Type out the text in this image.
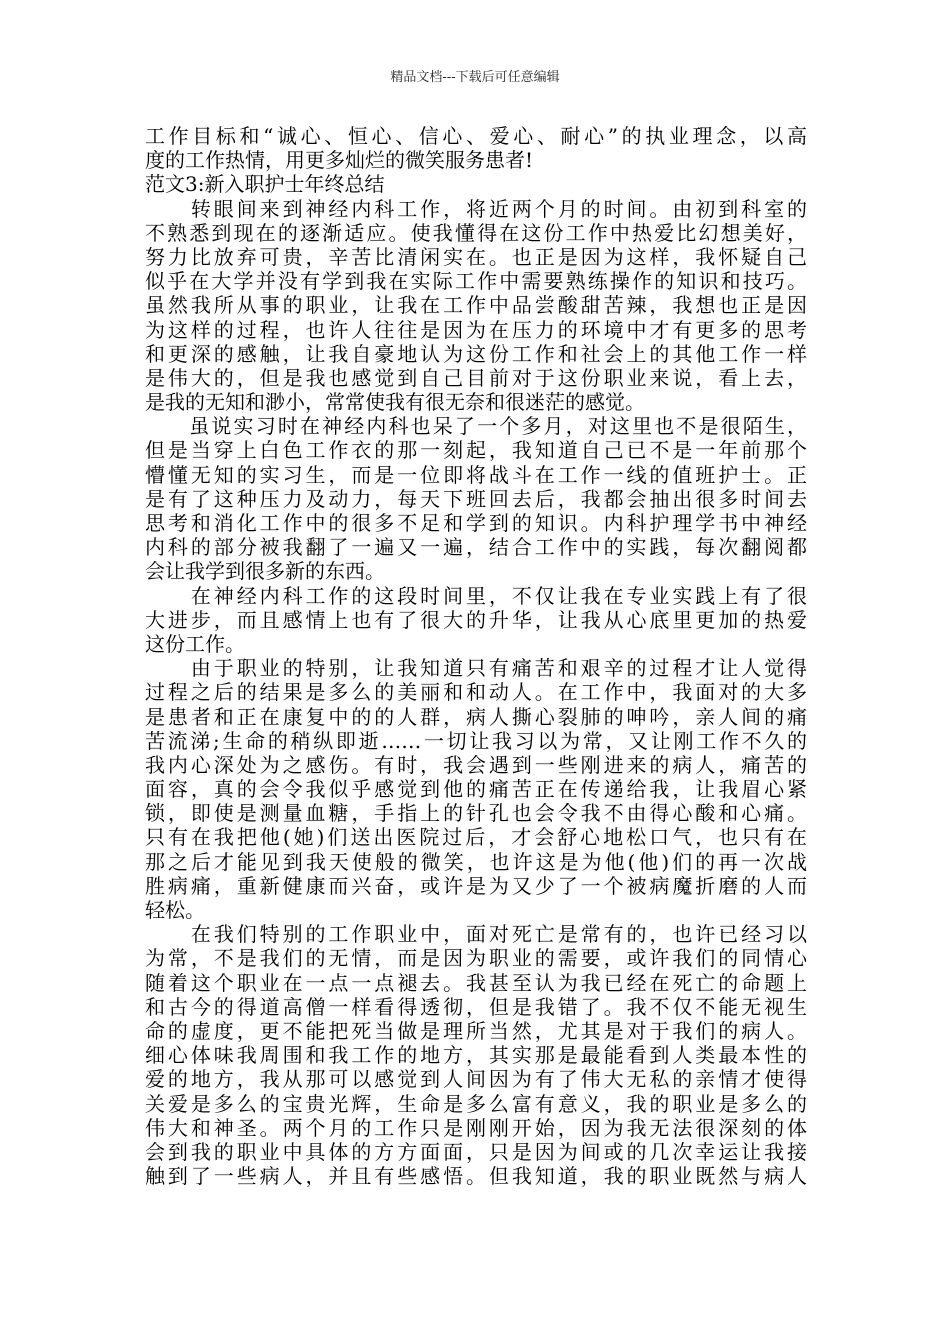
精品文档---下载后可任意编辑
工作目标和“诚心、恒心、信心、爱心、耐心”的执业理念，以高
度的工作热情，用更多灿烂的微笑服务患者!
范文3:新入职护士年终总结
　　转眼间来到神经内科工作，将近两个月的时间。由初到科室的
不熟悉到现在的逐渐适应。使我懂得在这份工作中热爱比幻想美好，
努力比放弃可贵，辛苦比清闲实在。也正是因为这样，我怀疑自己
似乎在大学并没有学到我在实际工作中需要熟练操作的知识和技巧。
虽然我所从事的职业，让我在工作中品尝酸甜苦辣，我想也正是因
为这样的过程，也许人往往是因为在压力的环境中才有更多的思考
和更深的感触，让我自豪地认为这份工作和社会上的其他工作一样
是伟大的，但是我也感觉到自己目前对于这份职业来说，看上去，
是我的无知和渺小，常常使我有很无奈和很迷茫的感觉。
　　虽说实习时在神经内科也呆了一个多月，对这里也不是很陌生，
但是当穿上白色工作衣的那一刻起，我知道自己已不是一年前那个
懵懂无知的实习生，而是一位即将战斗在工作一线的值班护士。正
是有了这种压力及动力，每天下班回去后，我都会抽出很多时间去
思考和消化工作中的很多不足和学到的知识。内科护理学书中神经
内科的部分被我翻了一遍又一遍，结合工作中的实践，每次翻阅都
会让我学到很多新的东西。
　　在神经内科工作的这段时间里，不仅让我在专业实践上有了很
大进步，而且感情上也有了很大的升华，让我从心底里更加的热爱
这份工作。
　　由于职业的特别，让我知道只有痛苦和艰辛的过程才让人觉得
过程之后的结果是多么的美丽和和动人。在工作中，我面对的大多
是患者和正在康复中的的人群，病人撕心裂肺的呻吟，亲人间的痛
苦流涕;生命的稍纵即逝……一切让我习以为常，又让刚工作不久的
我内心深处为之感伤。有时，我会遇到一些刚进来的病人，痛苦的
面容，真的会令我似乎感觉到他的痛苦正在传递给我，让我眉心紧
锁，即使是测量血糖，手指上的针孔也会令我不由得心酸和心痛。
只有在我把他(她)们送出医院过后，才会舒心地松口气，也只有在
那之后才能见到我天使般的微笑，也许这是为他(他)们的再一次战
胜病痛，重新健康而兴奋，或许是为又少了一个被病魔折磨的人而
轻松。
　　在我们特别的工作职业中，面对死亡是常有的，也许已经习以
为常，不是我们的无情，而是因为职业的需要，或许我们的同情心
随着这个职业在一点一点褪去。我甚至认为我已经在死亡的命题上
和古今的得道高僧一样看得透彻，但是我错了。我不仅不能无视生
命的虚度，更不能把死当做是理所当然，尤其是对于我们的病人。
细心体味我周围和我工作的地方，其实那是最能看到人类最本性的
爱的地方，我从那可以感觉到人间因为有了伟大无私的亲情才使得
关爱是多么的宝贵光辉，生命是多么富有意义，我的职业是多么的
伟大和神圣。两个月的工作只是刚刚开始，因为我无法很深刻的体
会到我的职业中具体的方方面面，只是因为间或的几次幸运让我接
触到了一些病人，并且有些感悟。但我知道，我的职业既然与病人
